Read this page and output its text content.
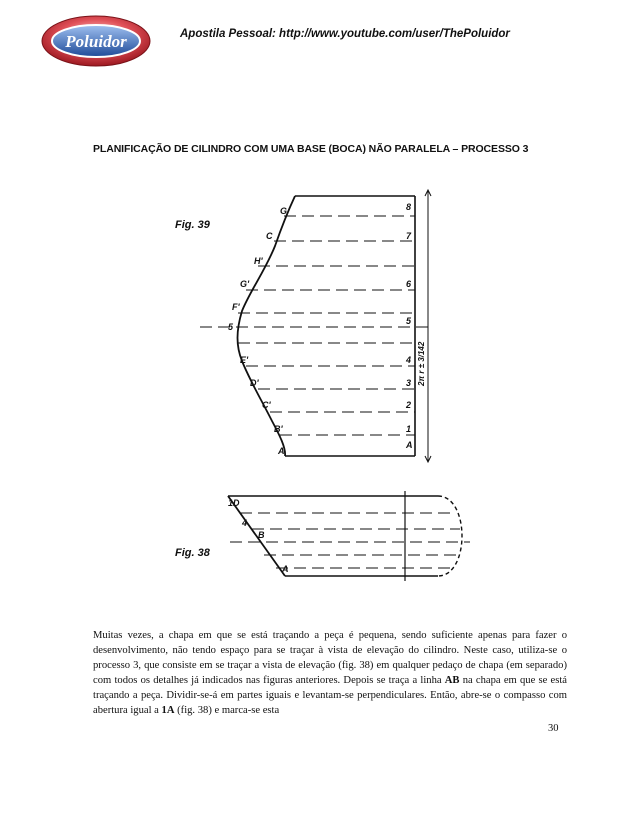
Poluidor	Apostila Pessoal: http://www.youtube.com/user/ThePoluidor
PLANIFICAÇÃO DE CILINDRO COM UMA BASE (BOCA) NÃO PARALELA – PROCESSO 3
Fig. 39
Fig. 38
2π r ± 3/142
A
B'
C'
D'
E'
5
F'
G'
H'
C
G
A
1
2
3
4
5
6
7
8
A
B
1D
4

Muitas vezes, a chapa em que se está traçando a peça é pequena, sendo suficiente apenas para fazer o desenvolvimento, não tendo espaço para se traçar à vista de elevação do cilindro. Neste caso, utiliza-se o processo 3, que consiste em se traçar a vista de elevação (fig. 38) em qualquer pedaço de chapa (em separado) com todos os detalhes já indicados nas figuras anteriores. Depois se traça a linha AB na chapa em que se está traçando a peça. Dividir-se-á em partes iguais e levantam-se perpendiculares. Então, abre-se o compasso com abertura igual a 1A (fig. 38) e marca-se esta

30
